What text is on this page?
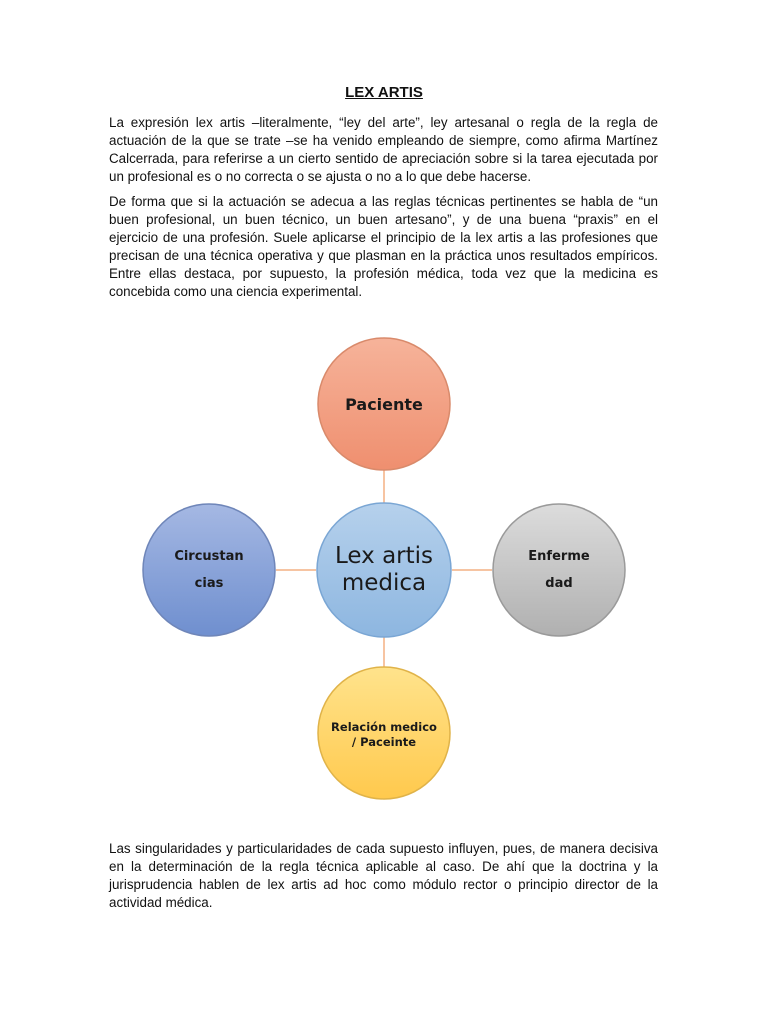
LEX ARTIS

La expresión lex artis –literalmente, “ley del arte”, ley artesanal o regla de la regla de actuación de la que se trate –se ha venido empleando de siempre, como afirma Martínez Calcerrada, para referirse a un cierto sentido de apreciación sobre si la tarea ejecutada por un profesional es o no correcta o se ajusta o no a lo que debe hacerse.

De forma que si la actuación se adecua a las reglas técnicas pertinentes se habla de “un buen profesional, un buen técnico, un buen artesano”, y de una buena “praxis” en el ejercicio de una profesión. Suele aplicarse el principio de la lex artis a las profesiones que precisan de una técnica operativa y que plasman en la práctica unos resultados empíricos. Entre ellas destaca, por supuesto, la profesión médica, toda vez que la medicina es concebida como una ciencia experimental.

Paciente
Circustan
cias
Enferme
dad
Relación medico
/ Paceinte
Lex artis
medica

Las singularidades y particularidades de cada supuesto influyen, pues, de manera decisiva en la determinación de la regla técnica aplicable al caso. De ahí que la doctrina y la jurisprudencia hablen de lex artis ad hoc como módulo rector o principio director de la actividad médica.
